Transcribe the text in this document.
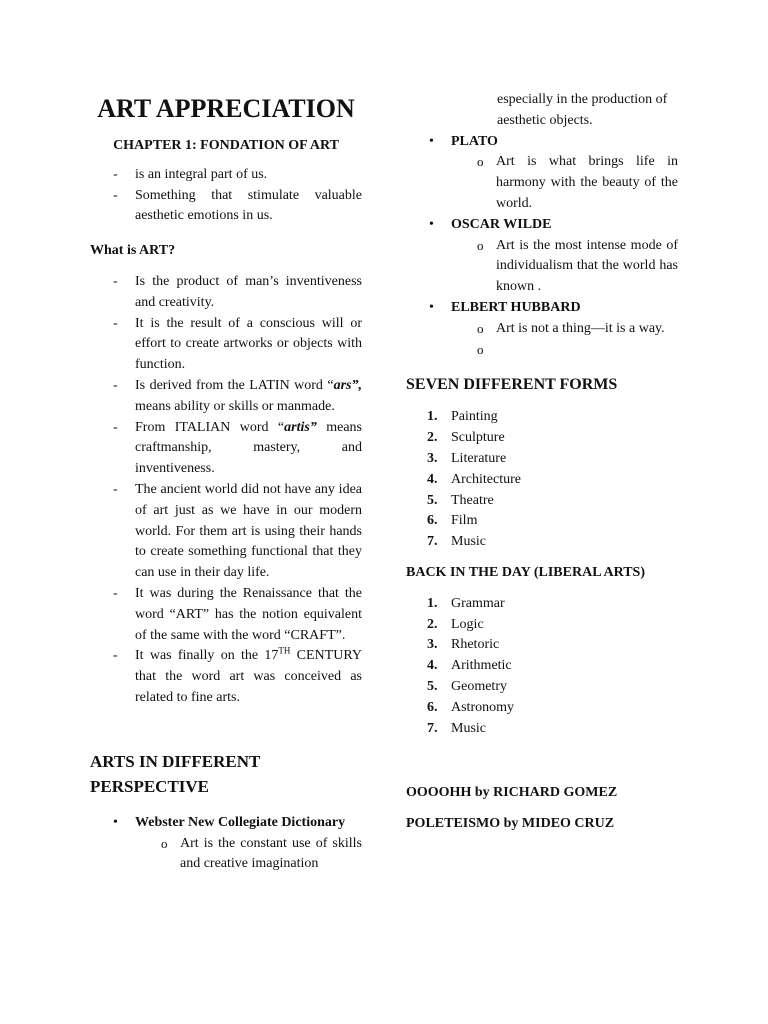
ART APPRECIATION
CHAPTER 1: FONDATION OF ART
- is an integral part of us.
- Something that stimulate valuable aesthetic emotions in us.
What is ART?
- Is the product of man’s inventiveness and creativity.
- It is the result of a conscious will or effort to create artworks or objects with function.
- Is derived from the LATIN word “ars”, means ability or skills or manmade.
- From ITALIAN word “artis” means craftmanship, mastery, and inventiveness.
- The ancient world did not have any idea of art just as we have in our modern world. For them art is using their hands to create something functional that they can use in their day life.
- It was during the Renaissance that the word “ART” has the notion equivalent of the same with the word “CRAFT”.
- It was finally on the 17TH CENTURY that the word art was conceived as related to fine arts.
ARTS IN DIFFERENT PERSPECTIVE
• Webster New Collegiate Dictionary
o Art is the constant use of skills and creative imagination
especially in the production of aesthetic objects.
• PLATO
o Art is what brings life in harmony with the beauty of the world.
• OSCAR WILDE
o Art is the most intense mode of individualism that the world has known .
• ELBERT HUBBARD
o Art is not a thing—it is a way.
o
SEVEN DIFFERENT FORMS
1. Painting
2. Sculpture
3. Literature
4. Architecture
5. Theatre
6. Film
7. Music
BACK IN THE DAY (LIBERAL ARTS)
1. Grammar
2. Logic
3. Rhetoric
4. Arithmetic
5. Geometry
6. Astronomy
7. Music
OOOOHH by RICHARD GOMEZ
POLETEISMO by MIDEO CRUZ
